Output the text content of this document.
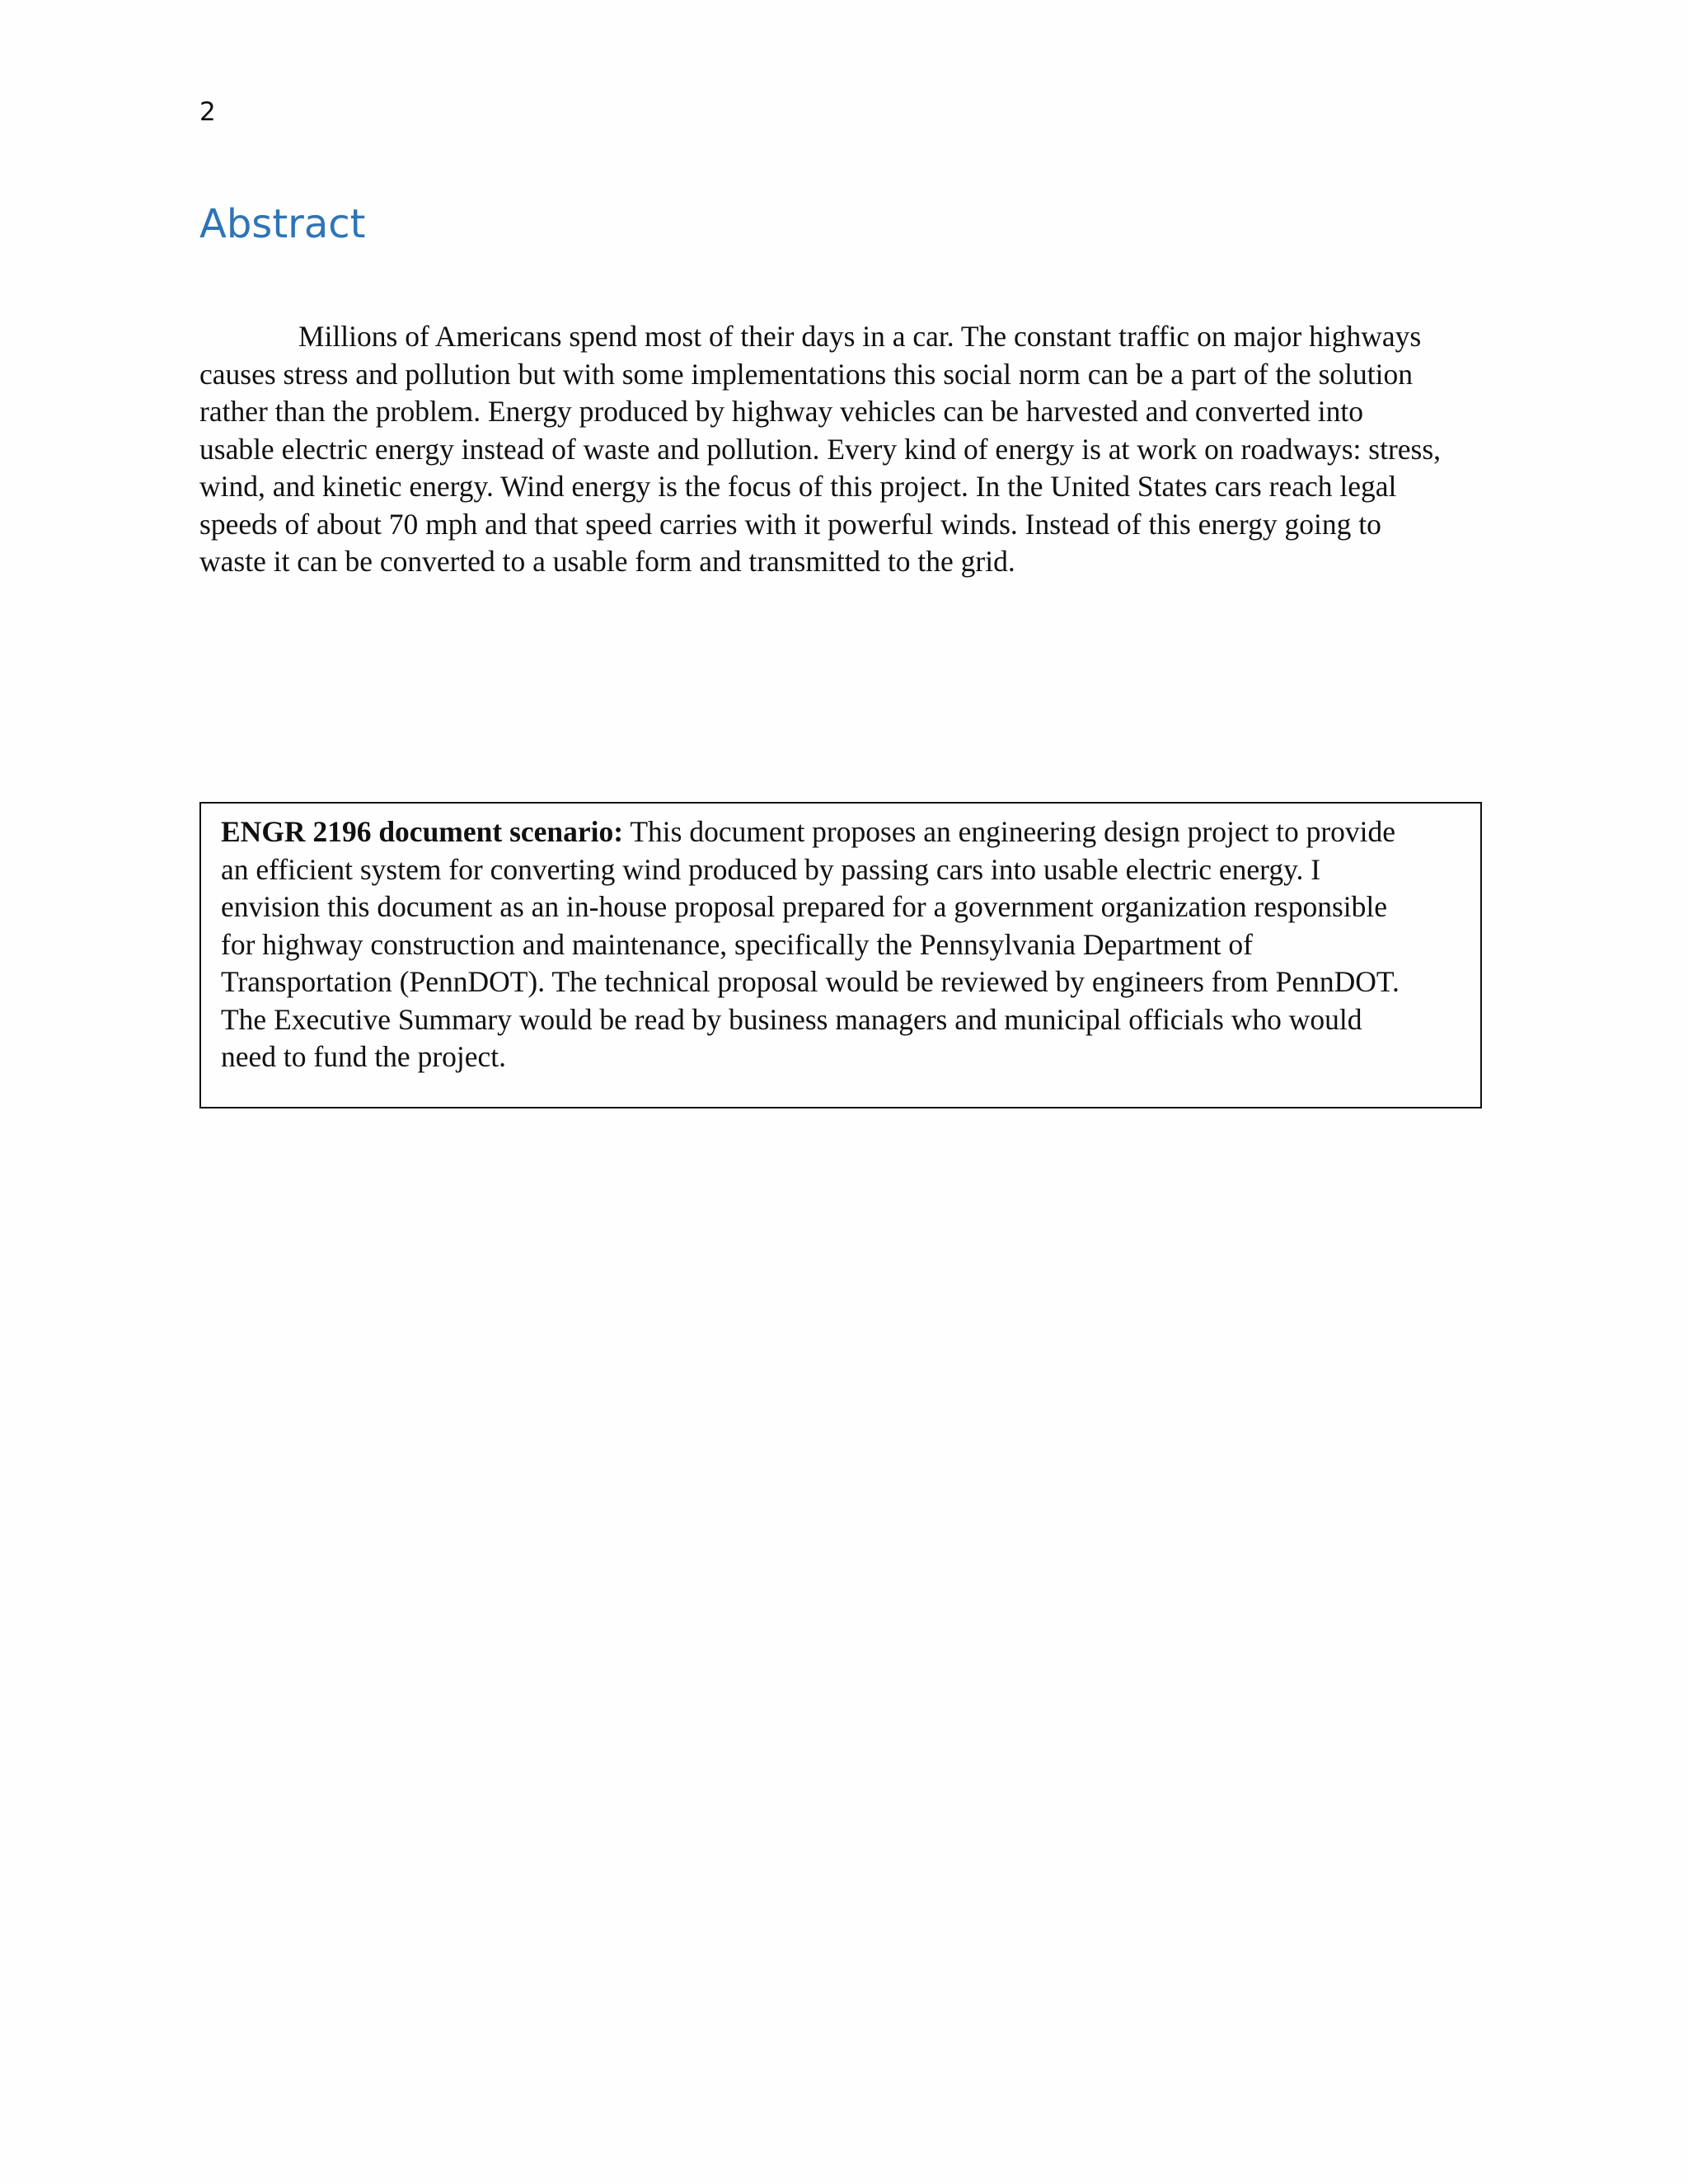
2
Abstract
Millions of Americans spend most of their days in a car. The constant traffic on major highways
causes stress and pollution but with some implementations this social norm can be a part of the solution
rather than the problem. Energy produced by highway vehicles can be harvested and converted into
usable electric energy instead of waste and pollution. Every kind of energy is at work on roadways: stress,
wind, and kinetic energy. Wind energy is the focus of this project. In the United States cars reach legal
speeds of about 70 mph and that speed carries with it powerful winds. Instead of this energy going to
waste it can be converted to a usable form and transmitted to the grid.
ENGR 2196 document scenario: This document proposes an engineering design project to provide
an efficient system for converting wind produced by passing cars into usable electric energy. I
envision this document as an in-house proposal prepared for a government organization responsible
for highway construction and maintenance, specifically the Pennsylvania Department of
Transportation (PennDOT). The technical proposal would be reviewed by engineers from PennDOT.
The Executive Summary would be read by business managers and municipal officials who would
need to fund the project.
